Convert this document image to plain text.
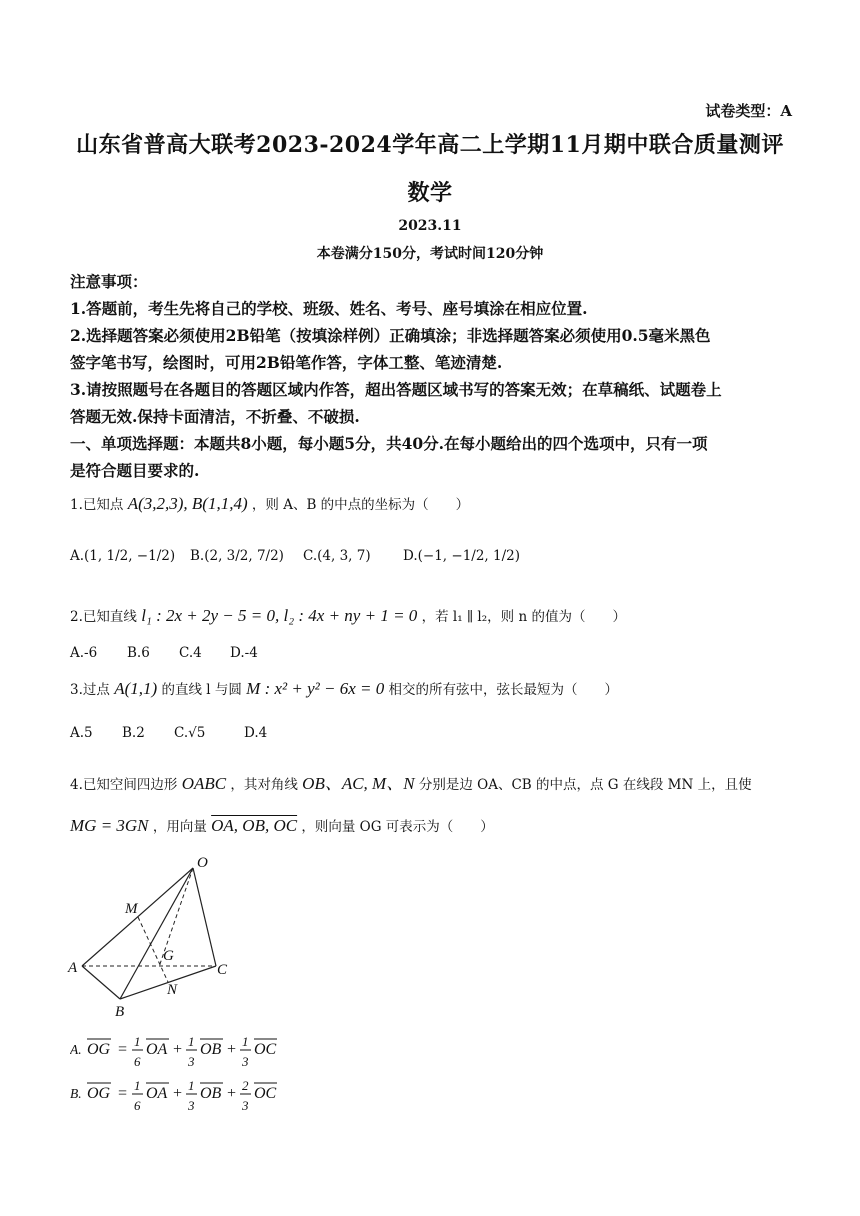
试卷类型：A
山东省普高大联考2023-2024学年高二上学期11月期中联合质量测评
数学
2023.11
本卷满分150分，考试时间120分钟
注意事项：
1.答题前，考生先将自己的学校、班级、姓名、考号、座号填涂在相应位置.
2.选择题答案必须使用2B铅笔（按填涂样例）正确填涂；非选择题答案必须使用0.5毫米黑色
签字笔书写，绘图时，可用2B铅笔作答，字体工整、笔迹清楚.
3.请按照题号在各题目的答题区域内作答，超出答题区域书写的答案无效；在草稿纸、试题卷上
答题无效.保持卡面清洁，不折叠、不破损.
一、单项选择题：本题共8小题，每小题5分，共40分.在每小题给出的四个选项中，只有一项
是符合题目要求的.
1.已知点 A(3,2,3), B(1,1,4) ，则 A、B 的中点的坐标为（　　）
A.(1, 1/2, −1/2) B.(2, 3/2, 7/2) C.(4, 3, 7) D.(−1, −1/2, 1/2)
2.已知直线 l₁ : 2x + 2y − 5 = 0, l₂ : 4x + ny + 1 = 0 ，若 l₁ ∥ l₂，则 n 的值为（　　）
A.-6 B.6 C.4 D.-4
3.过点 A(1,1) 的直线 l 与圆 M : x² + y² − 6x = 0 相交的所有弦中，弦长最短为（　　）
A.5 B.2 C.√5	D.4
4.已知空间四边形 OABC ，其对角线 OB、AC, M、N 分别是边 OA、CB 的中点，点 G 在线段 MN 上，且使
MG = 3GN ，用向量 OA, OB, OC ，则向量 OG 可表示为（　　）
O
M
A
G
C
N
B
A. OG = 1
6
OA + 1
3
OB + 1
3
OC
B. OG = 1
6
OA + 1
3
OB + 2
3
OC
